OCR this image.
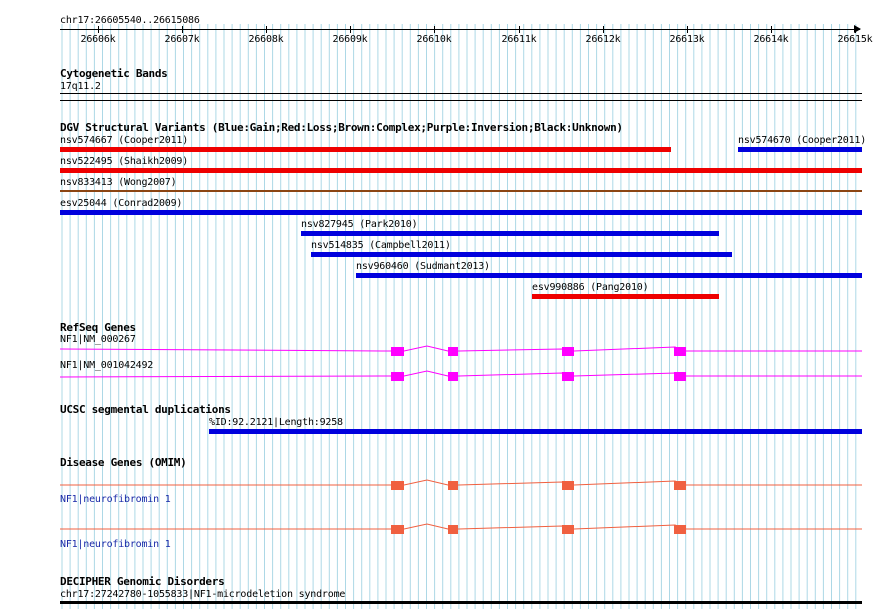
chr17:26605540..26615086
26606k	26607k	26608k	26609k	26610k	26611k	26612k	26613k	26614k	26615k
Cytogenetic Bands
17q11.2
DGV Structural Variants (Blue:Gain;Red:Loss;Brown:Complex;Purple:Inversion;Black:Unknown)
nsv574667 (Cooper2011)	nsv574670 (Cooper2011)
nsv522495 (Shaikh2009)
nsv833413 (Wong2007)
esv25044 (Conrad2009)
nsv827945 (Park2010)
nsv514835 (Campbell2011)
nsv960460 (Sudmant2013)
esv990886 (Pang2010)
RefSeq Genes
NF1|NM_000267
NF1|NM_001042492
UCSC segmental duplications
%ID:92.2121|Length:9258
Disease Genes (OMIM)
NF1|neurofibromin 1
NF1|neurofibromin 1
DECIPHER Genomic Disorders
chr17:27242780-1055833|NF1-microdeletion syndrome
